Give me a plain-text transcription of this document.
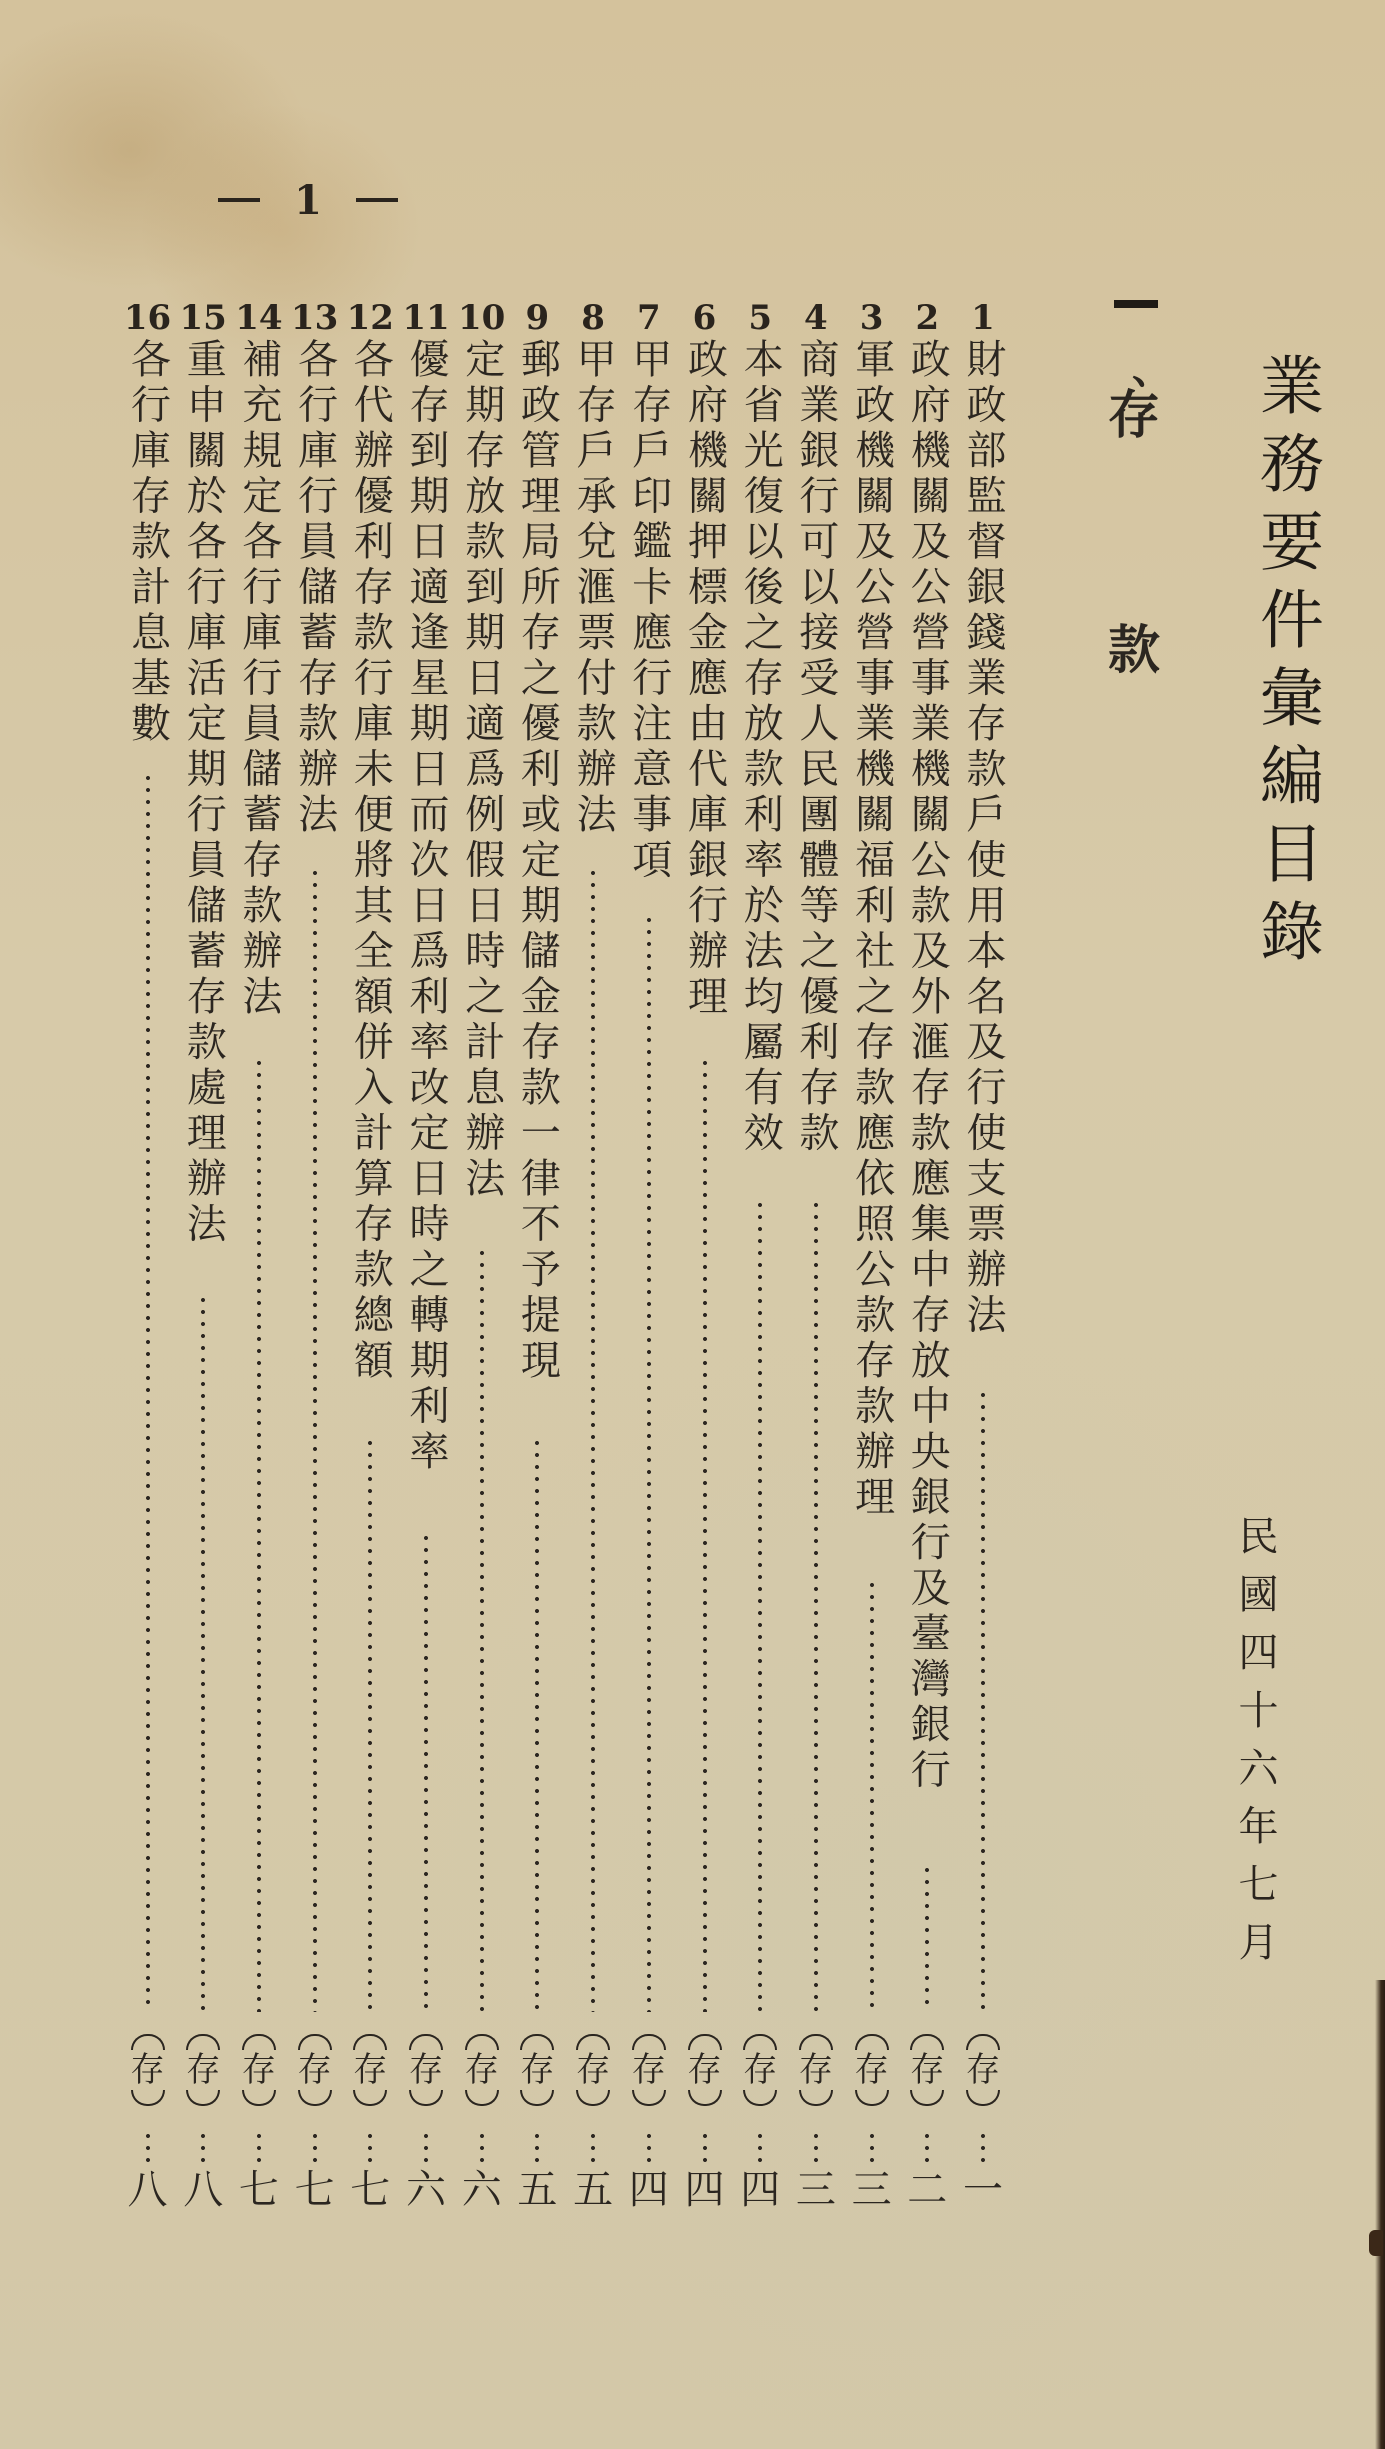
1
業務要件彙編目錄
民國四十六年七月
、
存
款
1
財政部監督銀錢業存款戶使用本名及行使支票辦法
存
一
2
政府機關及公營事業機關公款及外滙存款應集中存放中央銀行及臺灣銀行
存
二
3
軍政機關及公營事業機關福利社之存款應依照公款存款辦理
存
三
4
商業銀行可以接受人民團體等之優利存款
存
三
5
本省光復以後之存放款利率於法均屬有效
存
四
6
政府機關押標金應由代庫銀行辦理
存
四
7
甲存戶印鑑卡應行注意事項
存
四
8
甲存戶承兌滙票付款辦法
存
五
9
郵政管理局所存之優利或定期儲金存款一律不予提現
存
五
10
定期存放款到期日適爲例假日時之計息辦法
存
六
11
優存到期日適逢星期日而次日爲利率改定日時之轉期利率
存
六
12
各代辦優利存款行庫未便將其全額併入計算存款總額
存
七
13
各行庫行員儲蓄存款辦法
存
七
14
補充規定各行庫行員儲蓄存款辦法
存
七
15
重申關於各行庫活定期行員儲蓄存款處理辦法
存
八
16
各行庫存款計息基數
存
八
